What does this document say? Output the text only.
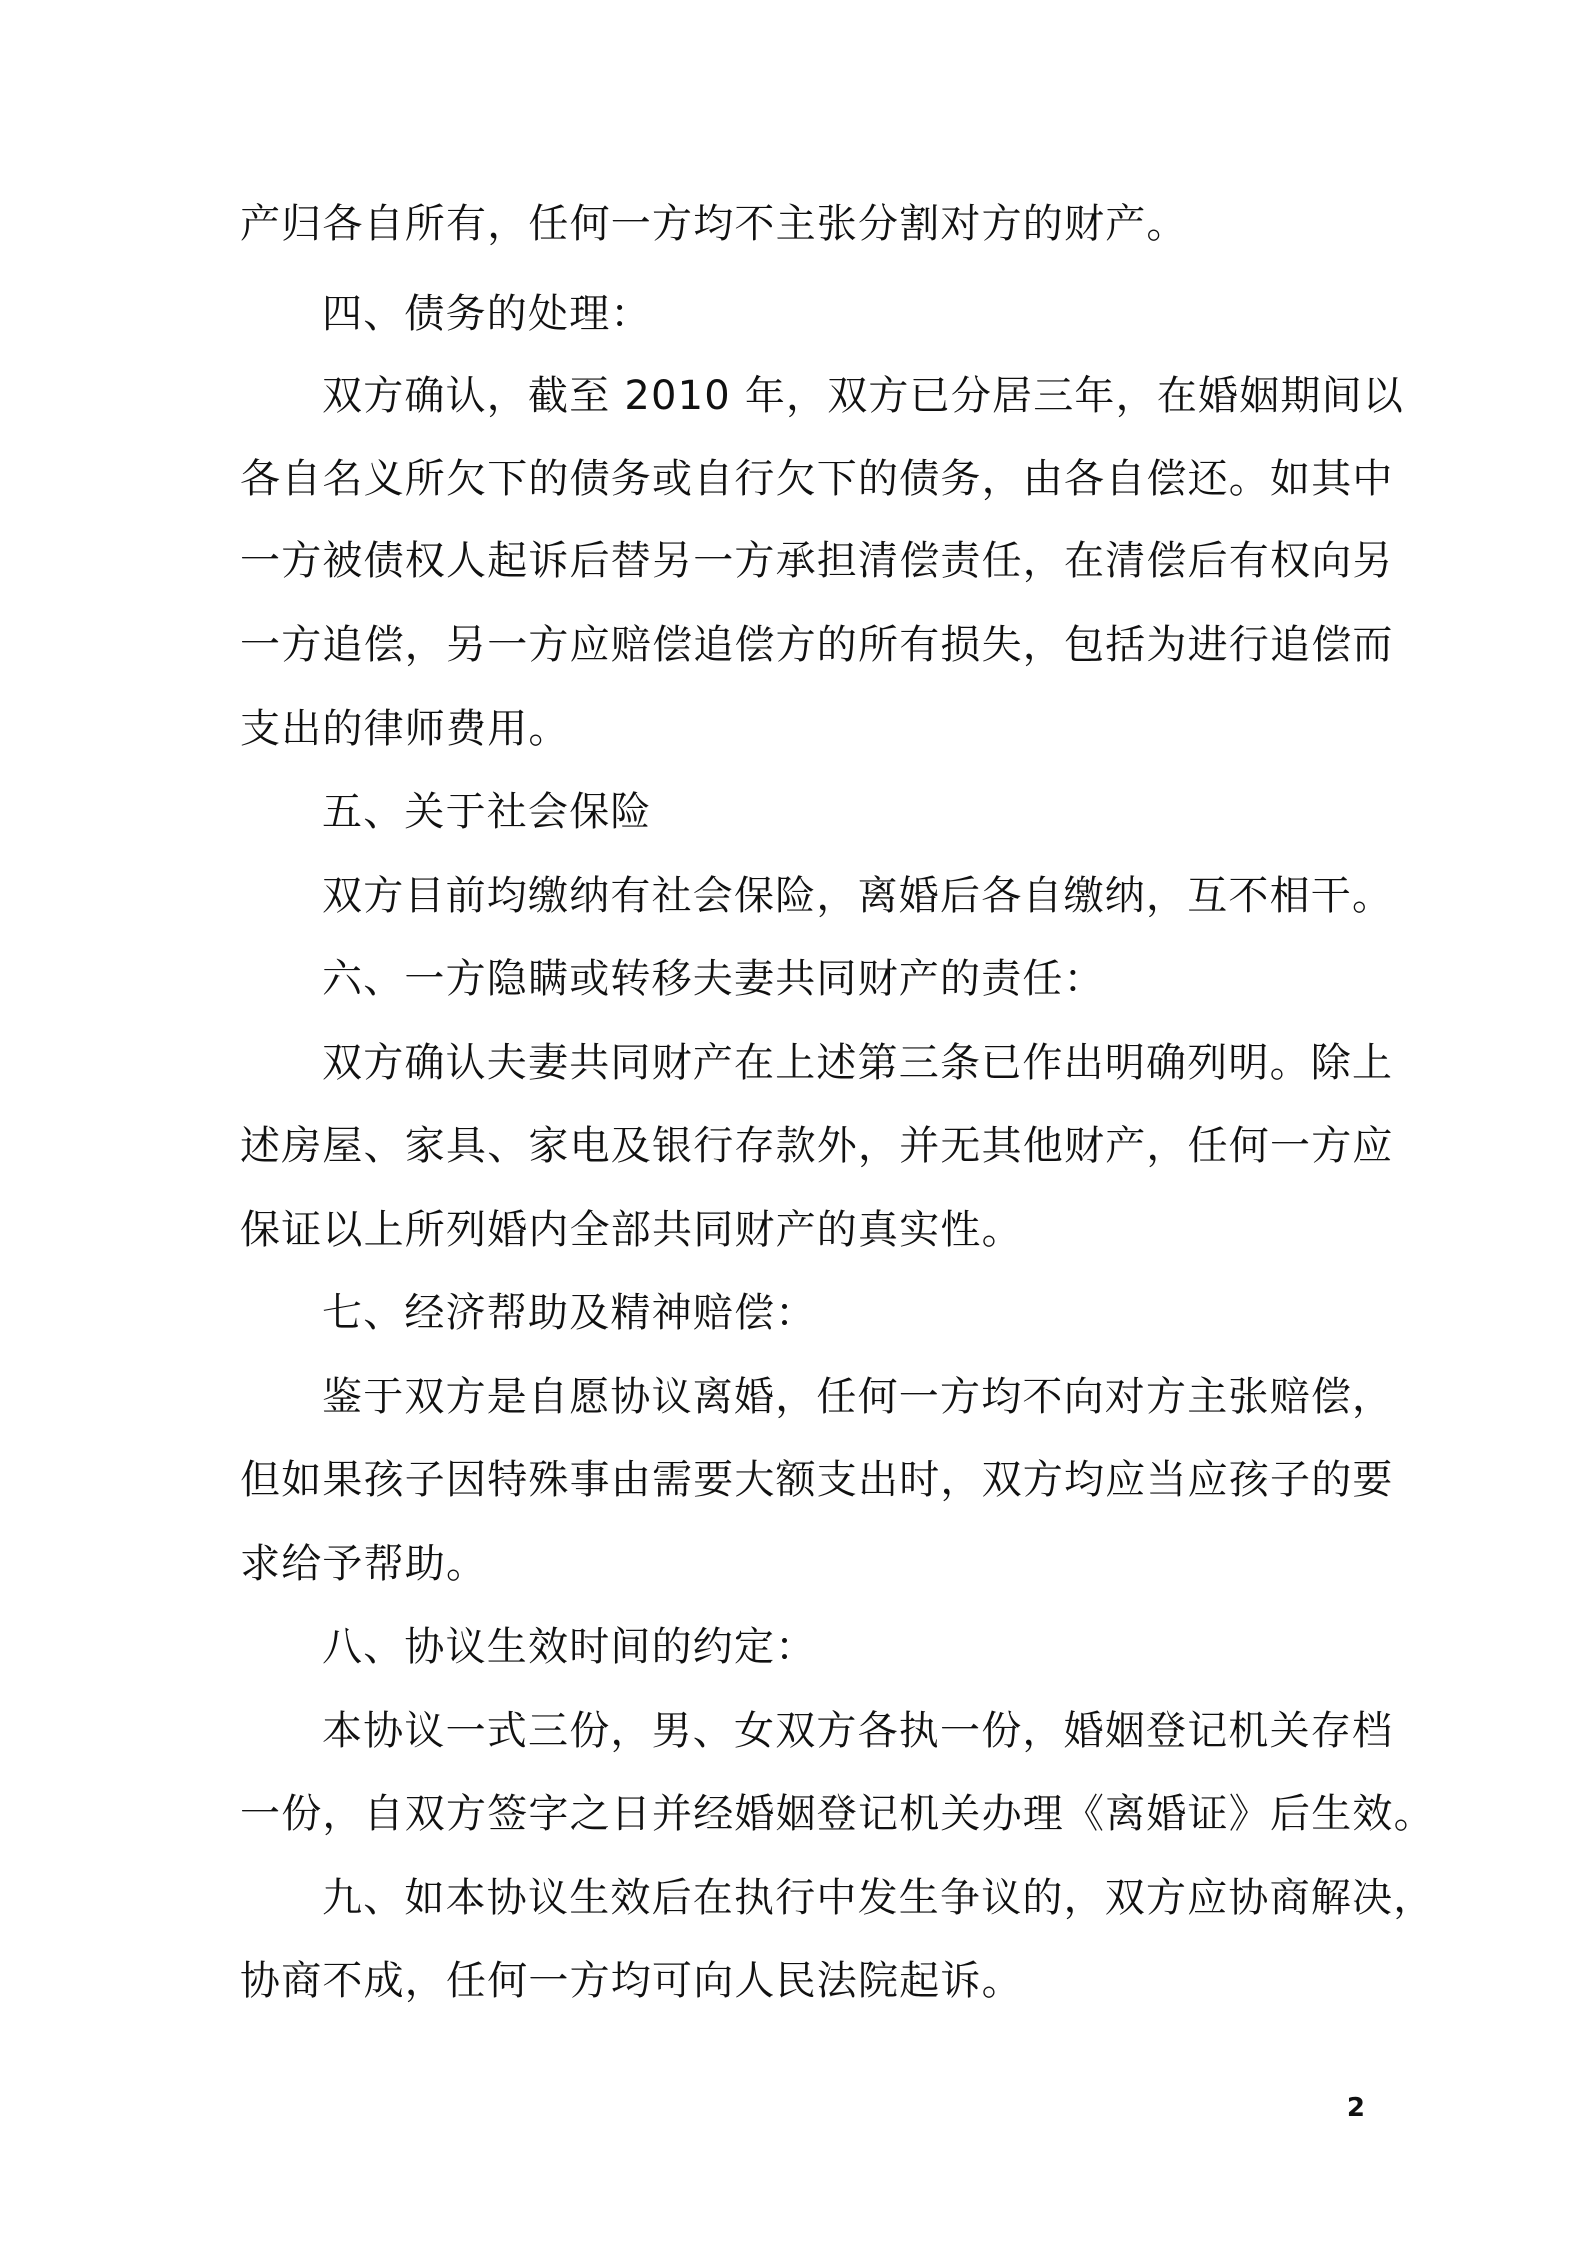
产归各自所有，任何一方均不主张分割对方的财产。
四、债务的处理：
双方确认，截至 2010 年，双方已分居三年，在婚姻期间以
各自名义所欠下的债务或自行欠下的债务，由各自偿还。如其中
一方被债权人起诉后替另一方承担清偿责任，在清偿后有权向另
一方追偿，另一方应赔偿追偿方的所有损失，包括为进行追偿而
支出的律师费用。
五、关于社会保险
双方目前均缴纳有社会保险，离婚后各自缴纳，互不相干。
六、一方隐瞒或转移夫妻共同财产的责任：
双方确认夫妻共同财产在上述第三条已作出明确列明。除上
述房屋、家具、家电及银行存款外，并无其他财产，任何一方应
保证以上所列婚内全部共同财产的真实性。
七、经济帮助及精神赔偿：
鉴于双方是自愿协议离婚，任何一方均不向对方主张赔偿，
但如果孩子因特殊事由需要大额支出时，双方均应当应孩子的要
求给予帮助。
八、协议生效时间的约定：
本协议一式三份，男、女双方各执一份，婚姻登记机关存档
一份，自双方签字之日并经婚姻登记机关办理《离婚证》后生效。
九、如本协议生效后在执行中发生争议的，双方应协商解决，
协商不成，任何一方均可向人民法院起诉。
2
